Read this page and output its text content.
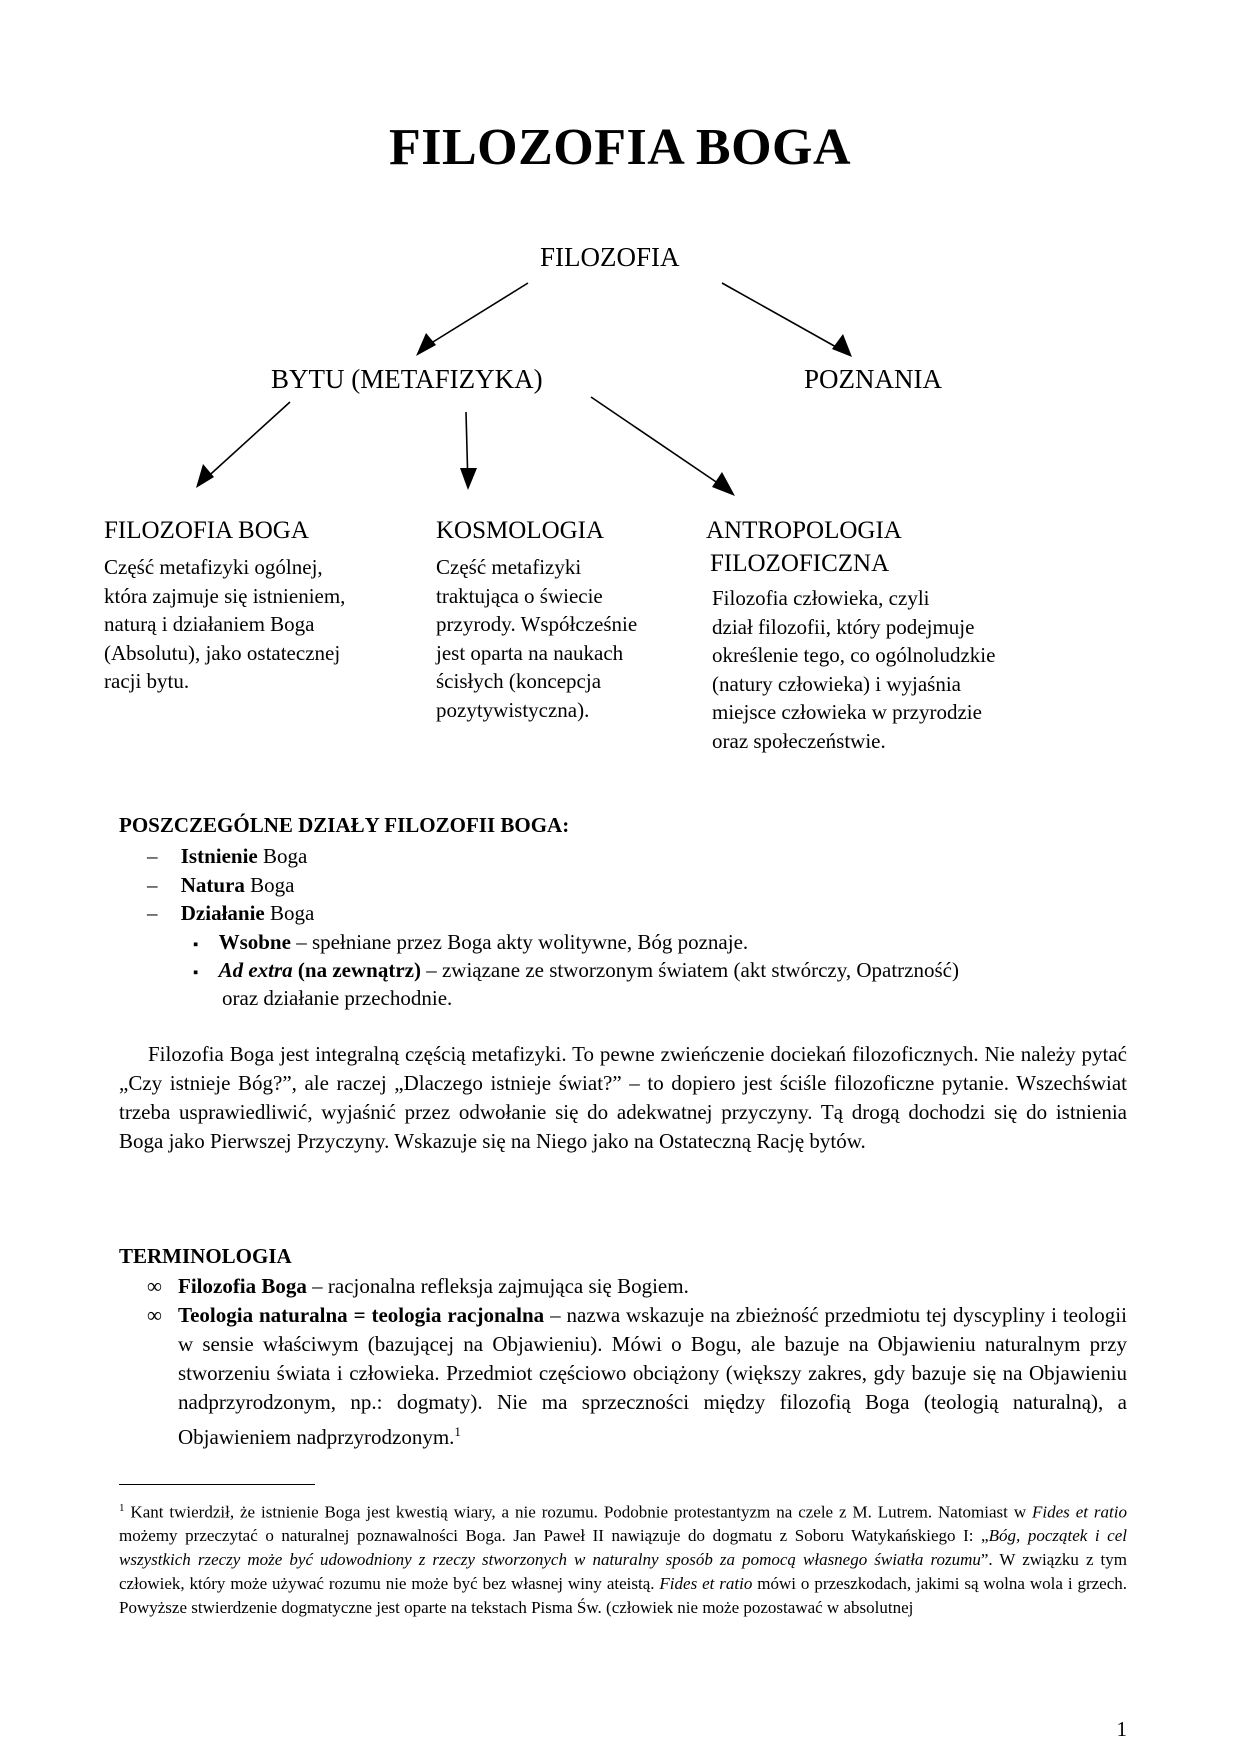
FILOZOFIA BOGA
FILOZOFIA
BYTU (METAFIZYKA)	POZNANIA
FILOZOFIA BOGA
Część metafizyki ogólnej,
która zajmuje się istnieniem,
naturą i działaniem Boga
(Absolutu), jako ostatecznej
racji bytu.
KOSMOLOGIA
Część metafizyki
traktująca o świecie
przyrody. Współcześnie
jest oparta na naukach
ścisłych (koncepcja
pozytywistyczna).
ANTROPOLOGIA
FILOZOFICZNA
Filozofia człowieka, czyli
dział filozofii, który podejmuje
określenie tego, co ogólnoludzkie
(natury człowieka) i wyjaśnia
miejsce człowieka w przyrodzie
oraz społeczeństwie.
POSZCZEGÓLNE DZIAŁY FILOZOFII BOGA:
– Istnienie Boga
– Natura Boga
– Działanie Boga
▪ Wsobne – spełniane przez Boga akty wolitywne, Bóg poznaje.
▪ Ad extra (na zewnątrz) – związane ze stworzonym światem (akt stwórczy, Opatrzność)
oraz działanie przechodnie.
Filozofia Boga jest integralną częścią metafizyki. To pewne zwieńczenie dociekań filozoficznych. Nie należy pytać „Czy istnieje Bóg?”, ale raczej „Dlaczego istnieje świat?” – to dopiero jest ściśle filozoficzne pytanie. Wszechświat trzeba usprawiedliwić, wyjaśnić przez odwołanie się do adekwatnej przyczyny. Tą drogą dochodzi się do istnienia Boga jako Pierwszej Przyczyny. Wskazuje się na Niego jako na Ostateczną Rację bytów.
TERMINOLOGIA
∞ Filozofia Boga – racjonalna refleksja zajmująca się Bogiem.
∞ Teologia naturalna = teologia racjonalna – nazwa wskazuje na zbieżność przedmiotu tej dyscypliny i teologii w sensie właściwym (bazującej na Objawieniu). Mówi o Bogu, ale bazuje na Objawieniu naturalnym przy stworzeniu świata i człowieka. Przedmiot częściowo obciążony (większy zakres, gdy bazuje się na Objawieniu nadprzyrodzonym, np.: dogmaty). Nie ma sprzeczności między filozofią Boga (teologią naturalną), a Objawieniem nadprzyrodzonym.$^1$
$^1$ Kant twierdził, że istnienie Boga jest kwestią wiary, a nie rozumu. Podobnie protestantyzm na czele z M. Lutrem. Natomiast w Fides et ratio możemy przeczytać o naturalnej poznawalności Boga. Jan Paweł II nawiązuje do dogmatu z Soboru Watykańskiego I: „Bóg, początek i cel wszystkich rzeczy może być udowodniony z rzeczy stworzonych w naturalny sposób za pomocą własnego światła rozumu”. W związku z tym człowiek, który może używać rozumu nie może być bez własnej winy ateistą. Fides et ratio mówi o przeszkodach, jakimi są wolna wola i grzech. Powyższe stwierdzenie dogmatyczne jest oparte na tekstach Pisma Św. (człowiek nie może pozostawać w absolutnej
1
